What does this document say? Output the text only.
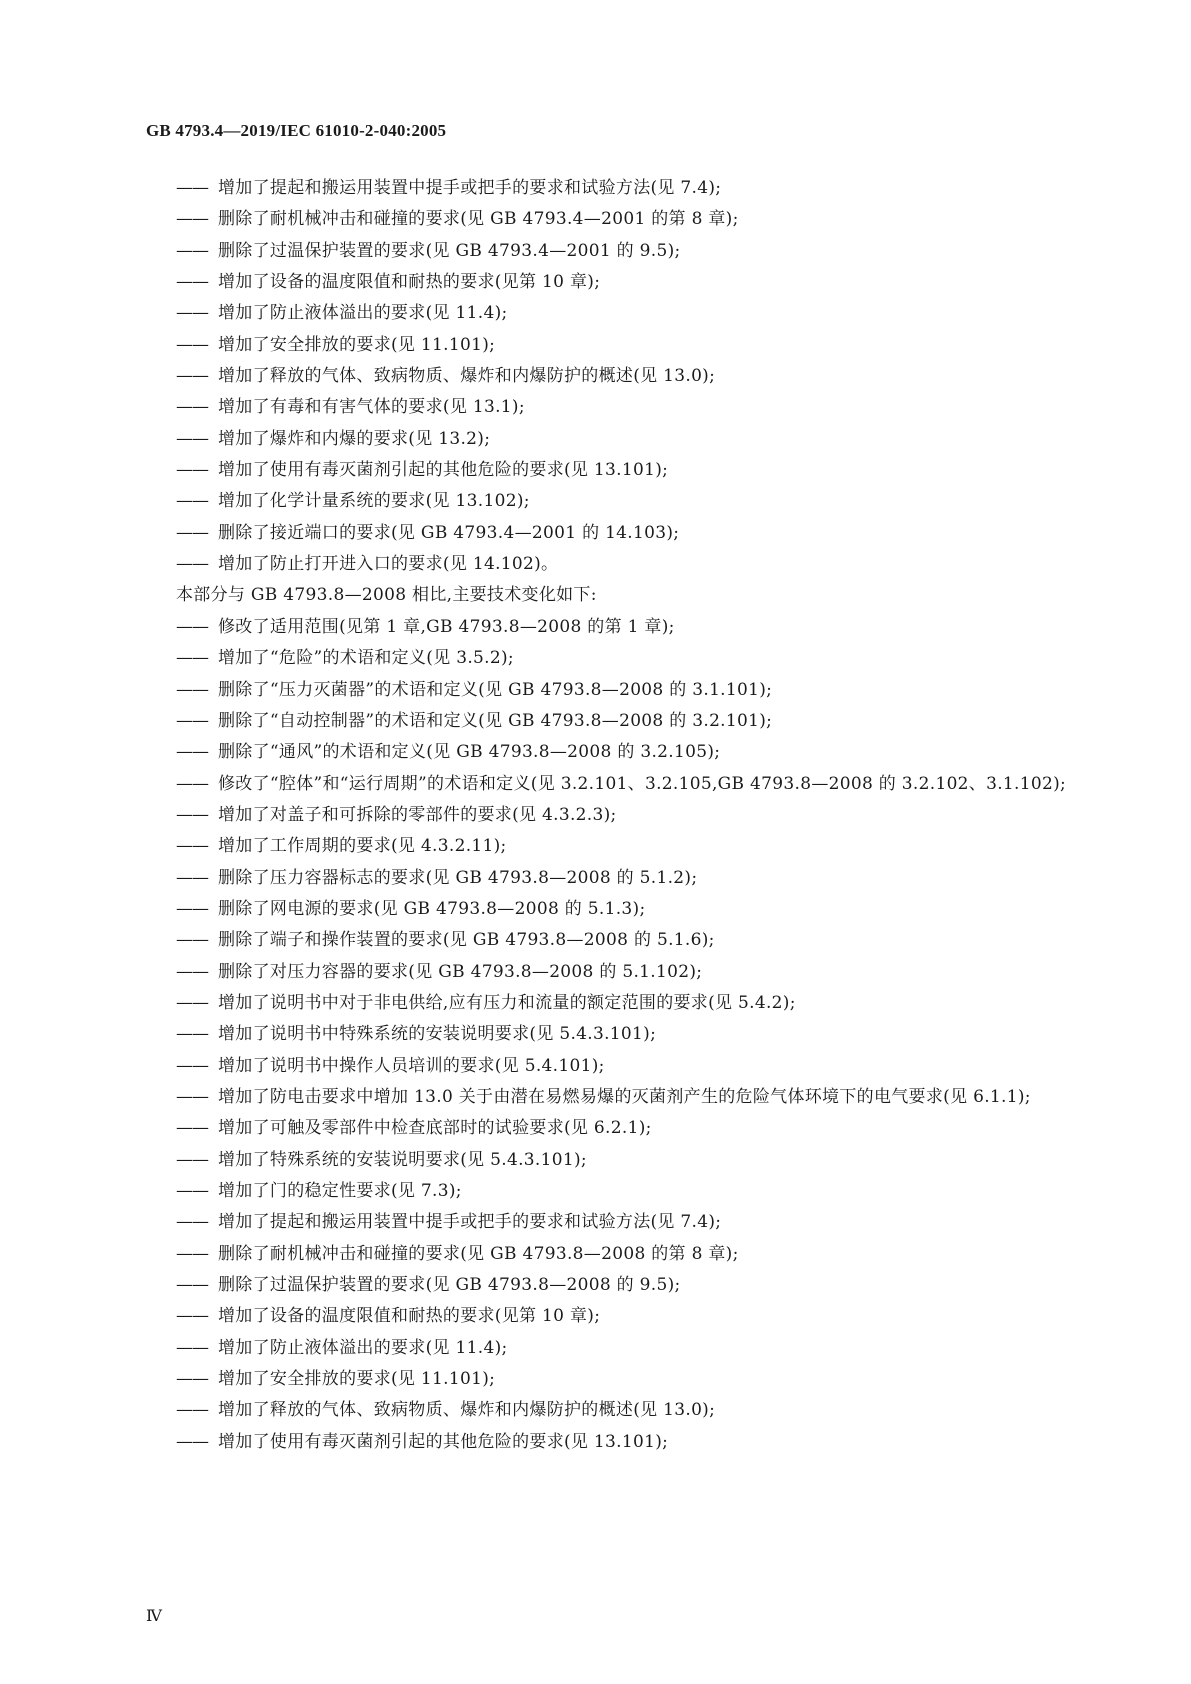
GB 4793.4—2019/IEC 61010-2-040:2005
—— 增加了提起和搬运用装置中提手或把手的要求和试验方法(见 7.4);
—— 删除了耐机械冲击和碰撞的要求(见 GB 4793.4—2001 的第 8 章);
—— 删除了过温保护装置的要求(见 GB 4793.4—2001 的 9.5);
—— 增加了设备的温度限值和耐热的要求(见第 10 章);
—— 增加了防止液体溢出的要求(见 11.4);
—— 增加了安全排放的要求(见 11.101);
—— 增加了释放的气体、致病物质、爆炸和内爆防护的概述(见 13.0);
—— 增加了有毒和有害气体的要求(见 13.1);
—— 增加了爆炸和内爆的要求(见 13.2);
—— 增加了使用有毒灭菌剂引起的其他危险的要求(见 13.101);
—— 增加了化学计量系统的要求(见 13.102);
—— 删除了接近端口的要求(见 GB 4793.4—2001 的 14.103);
—— 增加了防止打开进入口的要求(见 14.102)。
本部分与 GB 4793.8—2008 相比,主要技术变化如下:
—— 修改了适用范围(见第 1 章,GB 4793.8—2008 的第 1 章);
—— 增加了“危险”的术语和定义(见 3.5.2);
—— 删除了“压力灭菌器”的术语和定义(见 GB 4793.8—2008 的 3.1.101);
—— 删除了“自动控制器”的术语和定义(见 GB 4793.8—2008 的 3.2.101);
—— 删除了“通风”的术语和定义(见 GB 4793.8—2008 的 3.2.105);
—— 修改了“腔体”和“运行周期”的术语和定义(见 3.2.101、3.2.105,GB 4793.8—2008 的 3.2.102、3.1.102);
—— 增加了对盖子和可拆除的零部件的要求(见 4.3.2.3);
—— 增加了工作周期的要求(见 4.3.2.11);
—— 删除了压力容器标志的要求(见 GB 4793.8—2008 的 5.1.2);
—— 删除了网电源的要求(见 GB 4793.8—2008 的 5.1.3);
—— 删除了端子和操作装置的要求(见 GB 4793.8—2008 的 5.1.6);
—— 删除了对压力容器的要求(见 GB 4793.8—2008 的 5.1.102);
—— 增加了说明书中对于非电供给,应有压力和流量的额定范围的要求(见 5.4.2);
—— 增加了说明书中特殊系统的安装说明要求(见 5.4.3.101);
—— 增加了说明书中操作人员培训的要求(见 5.4.101);
—— 增加了防电击要求中增加 13.0 关于由潜在易燃易爆的灭菌剂产生的危险气体环境下的电气要求(见 6.1.1);
—— 增加了可触及零部件中检查底部时的试验要求(见 6.2.1);
—— 增加了特殊系统的安装说明要求(见 5.4.3.101);
—— 增加了门的稳定性要求(见 7.3);
—— 增加了提起和搬运用装置中提手或把手的要求和试验方法(见 7.4);
—— 删除了耐机械冲击和碰撞的要求(见 GB 4793.8—2008 的第 8 章);
—— 删除了过温保护装置的要求(见 GB 4793.8—2008 的 9.5);
—— 增加了设备的温度限值和耐热的要求(见第 10 章);
—— 增加了防止液体溢出的要求(见 11.4);
—— 增加了安全排放的要求(见 11.101);
—— 增加了释放的气体、致病物质、爆炸和内爆防护的概述(见 13.0);
—— 增加了使用有毒灭菌剂引起的其他危险的要求(见 13.101);
Ⅳ
